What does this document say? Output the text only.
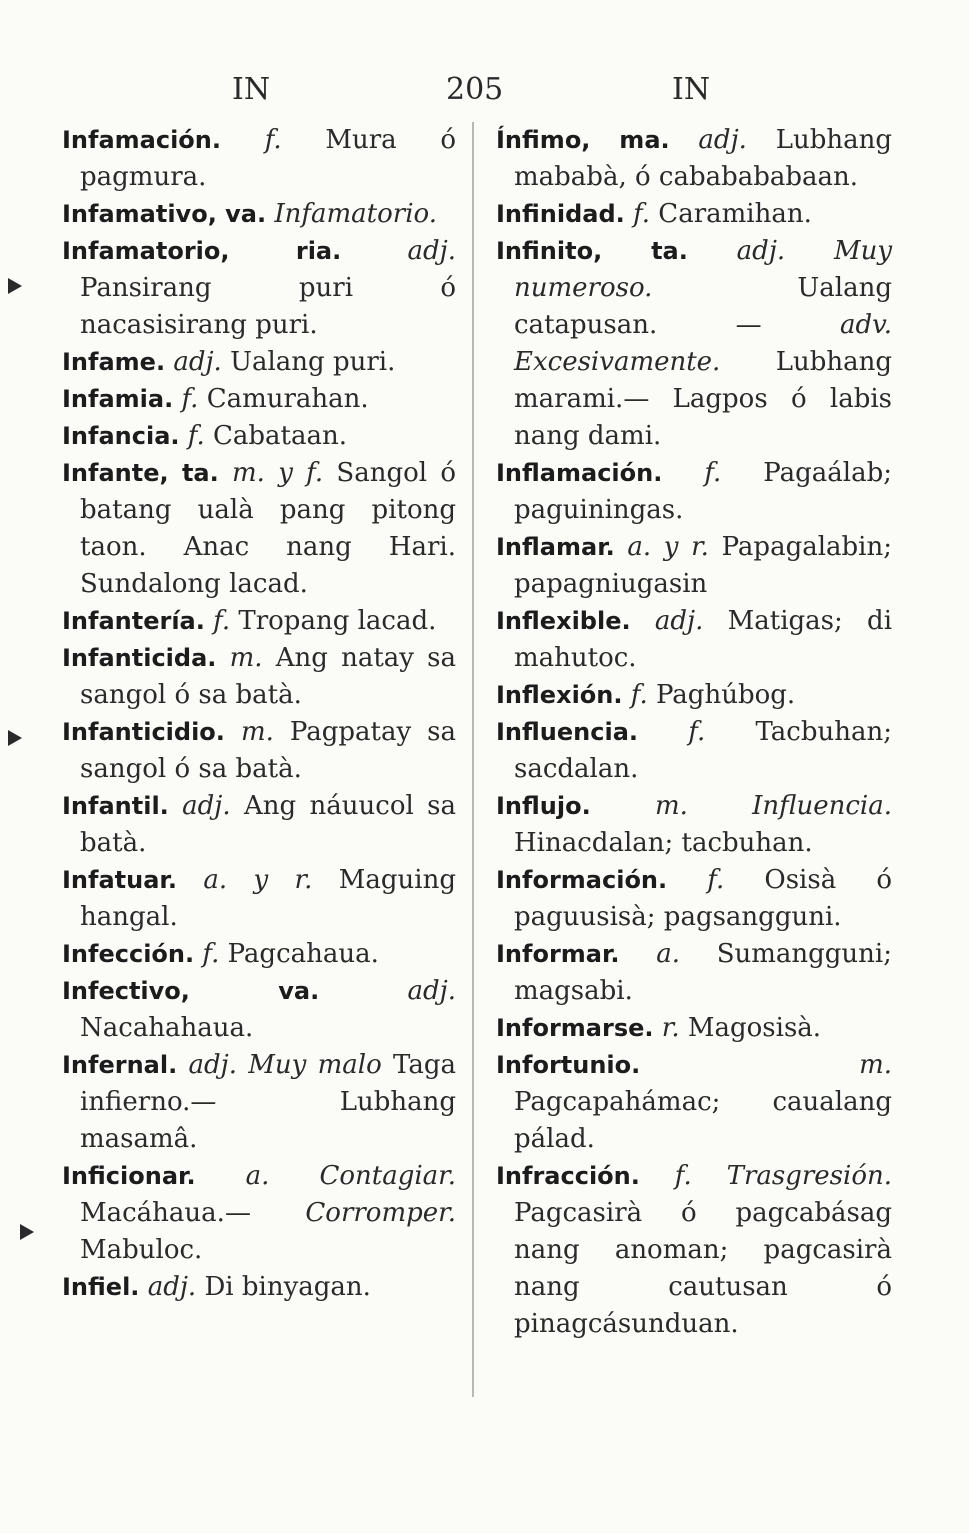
IN	205	IN

Infamación. f. Mura ó pagmura.

Infamativo, va. Infamatorio.

Infamatorio, ria.	adj. Pansirang puri ó nacasisirang puri.

Infame. adj. Ualang puri.

Infamia. f. Camurahan.

Infancia. f. Cabataan.

Infante, ta. m. y f. Sangol ó batang ualà pang pitong taon. Anac nang Hari. Sundalong lacad.

Infantería. f. Tropang lacad.

Infanticida. m. Ang natay sa sangol ó sa batà.

Infanticidio. m. Pagpatay sa sangol ó sa batà.

Infantil. adj. Ang náuucol sa batà.

Infatuar. a. y r. Maguing hangal.

Infección. f. Pagcahaua.

Infectivo, va.	adj. Nacahahaua.

Infernal. adj. Muy malo Taga infierno.—	Lubhang masamâ.

Inficionar. a. Contagiar. Macáhaua.— Corromper. Mabuloc.

Infiel. adj. Di binyagan.

Ínfimo, ma. adj. Lubhang mababà, ó cababababaan.

Infinidad. f. Caramihan.

Infinito, ta. adj. Muy numeroso.	Ualang catapusan. —	adv. Excesivamente. Lubhang marami.— Lagpos ó labis nang dami.

Inflamación. f. Pagaálab; paguiningas.

Inflamar. a. y r. Papagalabin; papagniugasin

Inflexible. adj. Matigas; di mahutoc.

Inflexión. f. Paghúbog.

Influencia. f. Tacbuhan; sacdalan.

Influjo. m. Influencia. Hinacdalan; tacbuhan.

Información. f. Osisà ó paguusisà; pagsangguni.

Informar. a. Sumangguni; magsabi.

Informarse. r. Magosisà.

Infortunio.	m. Pagcapahámac; caualang pálad.

Infracción. f. Trasgresión. Pagcasirà ó pagcabásag nang anoman; pagcasirà nang cautusan ó pinagcásunduan.
